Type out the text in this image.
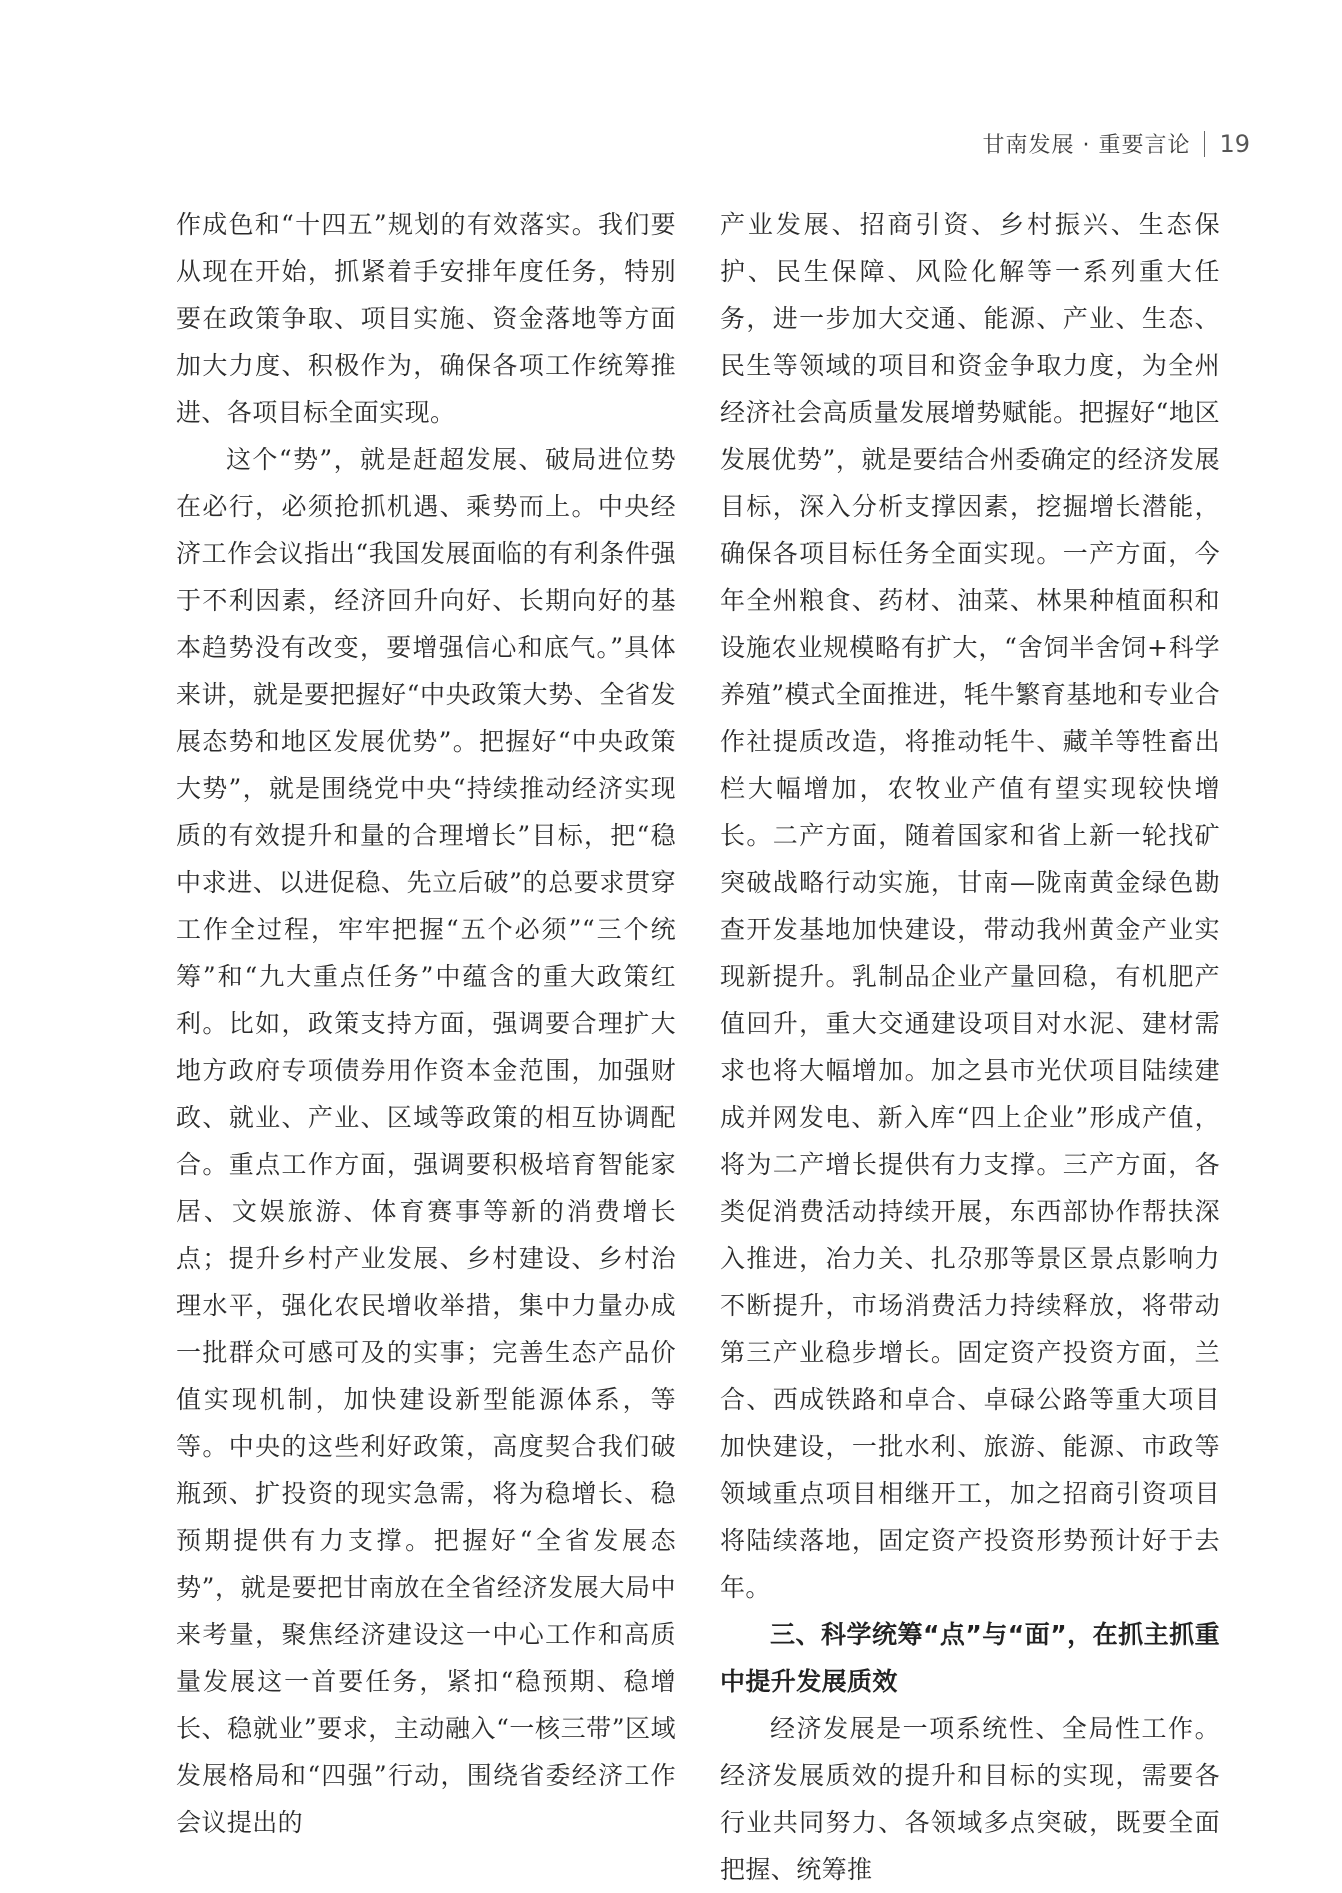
甘南发展 · 重要言论 19

作成色和“十四五”规划的有效落实。我们要从现在开始，抓紧着手安排年度任务，特别要在政策争取、项目实施、资金落地等方面加大力度、积极作为，确保各项工作统筹推进、各项目标全面实现。

这个“势”，就是赶超发展、破局进位势在必行，必须抢抓机遇、乘势而上。中央经济工作会议指出“我国发展面临的有利条件强于不利因素，经济回升向好、长期向好的基本趋势没有改变，要增强信心和底气。”具体来讲，就是要把握好“中央政策大势、全省发展态势和地区发展优势”。把握好“中央政策大势”，就是围绕党中央“持续推动经济实现质的有效提升和量的合理增长”目标，把“稳中求进、以进促稳、先立后破”的总要求贯穿工作全过程，牢牢把握“五个必须”“三个统筹”和“九大重点任务”中蕴含的重大政策红利。比如，政策支持方面，强调要合理扩大地方政府专项债券用作资本金范围，加强财政、就业、产业、区域等政策的相互协调配合。重点工作方面，强调要积极培育智能家居、文娱旅游、体育赛事等新的消费增长点；提升乡村产业发展、乡村建设、乡村治理水平，强化农民增收举措，集中力量办成一批群众可感可及的实事；完善生态产品价值实现机制，加快建设新型能源体系，等等。中央的这些利好政策，高度契合我们破瓶颈、扩投资的现实急需，将为稳增长、稳预期提供有力支撑。把握好“全省发展态势”，就是要把甘南放在全省经济发展大局中来考量，聚焦经济建设这一中心工作和高质量发展这一首要任务，紧扣“稳预期、稳增长、稳就业”要求，主动融入“一核三带”区域发展格局和“四强”行动，围绕省委经济工作会议提出的

产业发展、招商引资、乡村振兴、生态保护、民生保障、风险化解等一系列重大任务，进一步加大交通、能源、产业、生态、民生等领域的项目和资金争取力度，为全州经济社会高质量发展增势赋能。把握好“地区发展优势”，就是要结合州委确定的经济发展目标，深入分析支撑因素，挖掘增长潜能，确保各项目标任务全面实现。一产方面，今年全州粮食、药材、油菜、林果种植面积和设施农业规模略有扩大，“舍饲半舍饲+科学养殖”模式全面推进，牦牛繁育基地和专业合作社提质改造，将推动牦牛、藏羊等牲畜出栏大幅增加，农牧业产值有望实现较快增长。二产方面，随着国家和省上新一轮找矿突破战略行动实施，甘南—陇南黄金绿色勘查开发基地加快建设，带动我州黄金产业实现新提升。乳制品企业产量回稳，有机肥产值回升，重大交通建设项目对水泥、建材需求也将大幅增加。加之县市光伏项目陆续建成并网发电、新入库“四上企业”形成产值，将为二产增长提供有力支撑。三产方面，各类促消费活动持续开展，东西部协作帮扶深入推进，冶力关、扎尕那等景区景点影响力不断提升，市场消费活力持续释放，将带动第三产业稳步增长。固定资产投资方面，兰合、西成铁路和卓合、卓碌公路等重大项目加快建设，一批水利、旅游、能源、市政等领域重点项目相继开工，加之招商引资项目将陆续落地，固定资产投资形势预计好于去年。

三、科学统筹“点”与“面”，在抓主抓重中提升发展质效

经济发展是一项系统性、全局性工作。经济发展质效的提升和目标的实现，需要各行业共同努力、各领域多点突破，既要全面把握、统筹推
